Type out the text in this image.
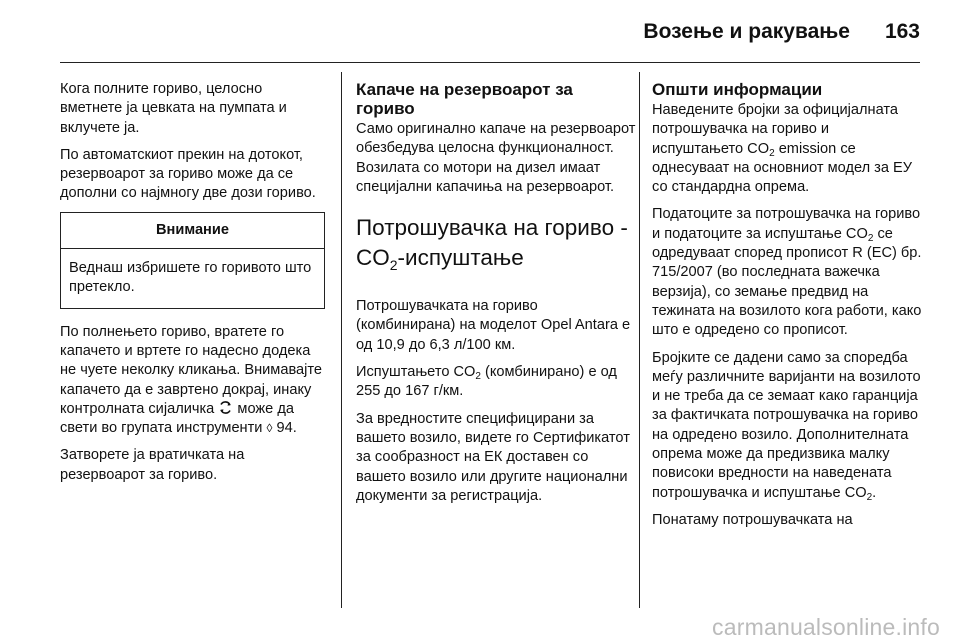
Возење и ракување 163

Кога полните гориво, целосно вметнете ја цевката на пумпата и вклучете ја.

По автоматскиот прекин на дотокот, резервоарот за гориво може да се дополни со најмногу две дози гориво.

Внимание
Веднаш избришете го горивото што претекло.

По полнењето гориво, вратете го капачето и вртете го надесно додека не чуете неколку кликања. Внимавајте капачето да е завртено докрај, инаку контролната сијаличка може да свети во групата инструменти ◊ 94.

Затворете ја вратичката на резервоарот за гориво.

Капаче на резервоарот за гориво

Само оригинално капаче на резервоарот обезбедува целосна функционалност. Возилата со мотори на дизел имаат специјални капачиња на резервоарот.

Потрошувачка на гориво - $CO_2$-испуштање

Потрошувачката на гориво (комбинирана) на моделот Opel Antara е од 10,9 до 6,3 л/100 км.

Испуштањето $CO_2$ (комбинирано) е од 255 до 167 г/км.

За вредностите специфицирани за вашето возило, видете го Сертификатот за сообразност на ЕК доставен со вашето возило или другите национални документи за регистрација.

Општи информации

Наведените бројки за официјалната потрошувачка на гориво и испуштањето $CO_2$ emission се однесуваат на основниот модел за ЕУ со стандардна опрема.

Податоците за потрошувачка на гориво и податоците за испуштање $CO_2$ се одредуваат според прописот R (EC) бр. 715/2007 (во последната важечка верзија), со земање предвид на тежината на возилото кога работи, како што е одредено со прописот.

Бројките се дадени само за споредба меѓу различните варијанти на возилото и не треба да се земаат како гаранција за фактичката потрошувачка на гориво на одредено возило. Дополнителната опрема може да предизвика малку повисоки вредности на наведената потрошувачка и испуштање $CO_2$.

Понатаму потрошувачката на

carmanualsonline.info
